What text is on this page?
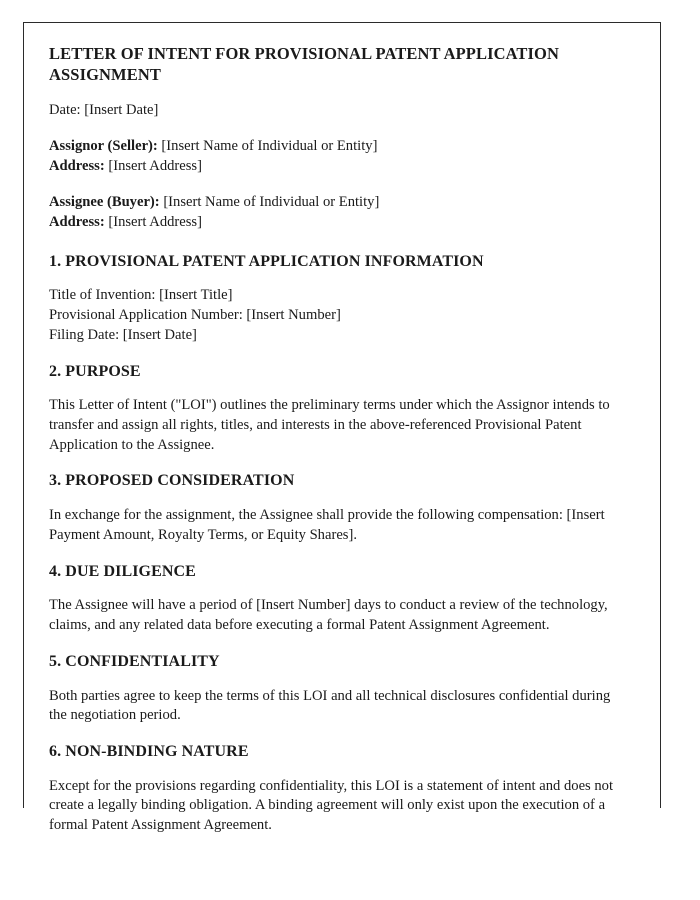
LETTER OF INTENT FOR PROVISIONAL PATENT APPLICATION ASSIGNMENT

Date: [Insert Date]

Assignor (Seller): [Insert Name of Individual or Entity]
Address: [Insert Address]
Assignee (Buyer): [Insert Name of Individual or Entity]
Address: [Insert Address]
1. PROVISIONAL PATENT APPLICATION INFORMATION
Title of Invention: [Insert Title]
Provisional Application Number: [Insert Number]
Filing Date: [Insert Date]
2. PURPOSE

This Letter of Intent ("LOI") outlines the preliminary terms under which the Assignor intends to transfer and assign all rights, titles, and interests in the above-referenced Provisional Patent Application to the Assignee.

3. PROPOSED CONSIDERATION

In exchange for the assignment, the Assignee shall provide the following compensation: [Insert Payment Amount, Royalty Terms, or Equity Shares].

4. DUE DILIGENCE

The Assignee will have a period of [Insert Number] days to conduct a review of the technology, claims, and any related data before executing a formal Patent Assignment Agreement.

5. CONFIDENTIALITY

Both parties agree to keep the terms of this LOI and all technical disclosures confidential during the negotiation period.

6. NON-BINDING NATURE

Except for the provisions regarding confidentiality, this LOI is a statement of intent and does not create a legally binding obligation. A binding agreement will only exist upon the execution of a formal Patent Assignment Agreement.
